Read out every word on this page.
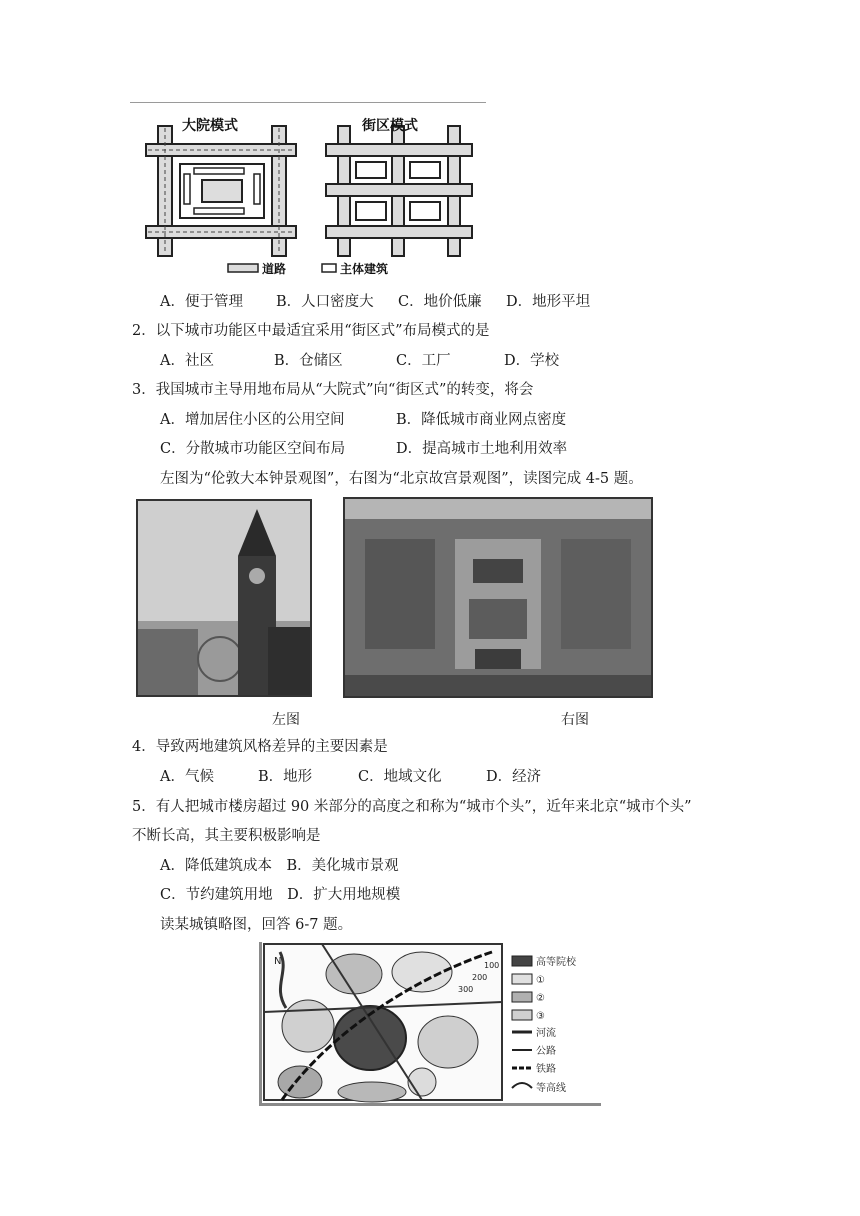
大院模式	街区模式
道路	主体建筑
A．便于管理 B．人口密度大 C．地价低廉 D．地形平坦
2．以下城市功能区中最适宜采用“街区式”布局模式的是
A．社区	B．仓储区	C．工厂	D．学校
3．我国城市主导用地布局从“大院式”向“街区式”的转变，将会
A．增加居住小区的公用空间	B．降低城市商业网点密度
C．分散城市功能区空间布局	D．提高城市土地利用效率
左图为“伦敦大本钟景观图”，右图为“北京故宫景观图”，读图完成 4-5 题。
左图	右图
4．导致两地建筑风格差异的主要因素是
A．气候	B．地形	C．地域文化	D．经济
5．有人把城市楼房超过 90 米部分的高度之和称为“城市个头”，近年来北京“城市个头”
不断长高，其主要积极影响是
A．降低建筑成本　B．美化城市景观
C．节约建筑用地　D．扩大用地规模
读某城镇略图，回答 6-7 题。
N	100
200
300
高等院校
①
②
③
河流
公路
铁路
等高线
